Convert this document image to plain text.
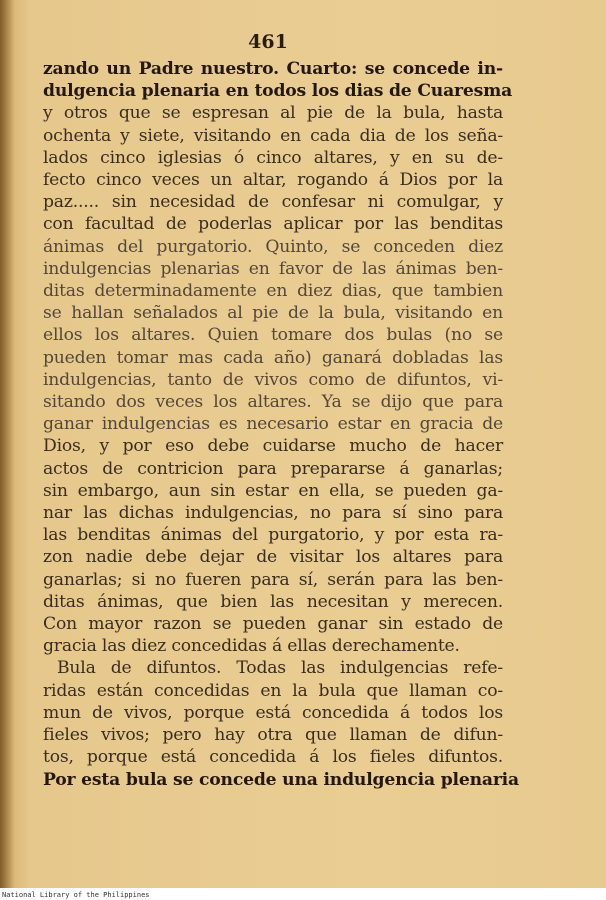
461
zando un Padre nuestro. Cuarto: se concede in-
dulgencia plenaria en todos los dias de Cuaresma
y otros que se espresan al pie de la bula, hasta
ochenta y siete, visitando en cada dia de los seña-
lados cinco iglesias ó cinco altares, y en su de-
fecto cinco veces un altar, rogando á Dios por la
paz..... sin necesidad de confesar ni comulgar, y
con facultad de poderlas aplicar por las benditas
ánimas del purgatorio. Quinto, se conceden diez
indulgencias plenarias en favor de las ánimas ben-
ditas determinadamente en diez dias, que tambien
se hallan señalados al pie de la bula, visitando en
ellos los altares. Quien tomare dos bulas (no se
pueden tomar mas cada año) ganará dobladas las
indulgencias, tanto de vivos como de difuntos, vi-
sitando dos veces los altares. Ya se dijo que para
ganar indulgencias es necesario estar en gracia de
Dios, y por eso debe cuidarse mucho de hacer
actos de contricion para prepararse á ganarlas;
sin embargo, aun sin estar en ella, se pueden ga-
nar las dichas indulgencias, no para sí sino para
las benditas ánimas del purgatorio, y por esta ra-
zon nadie debe dejar de visitar los altares para
ganarlas; si no fueren para sí, serán para las ben-
ditas ánimas, que bien las necesitan y merecen.
Con mayor razon se pueden ganar sin estado de
gracia las diez concedidas á ellas derechamente.
Bula de difuntos. Todas las indulgencias refe-
ridas están concedidas en la bula que llaman co-
mun de vivos, porque está concedida á todos los
fieles vivos; pero hay otra que llaman de difun-
tos, porque está concedida á los fieles difuntos.
Por esta bula se concede una indulgencia plenaria
National Library of the Philippines
